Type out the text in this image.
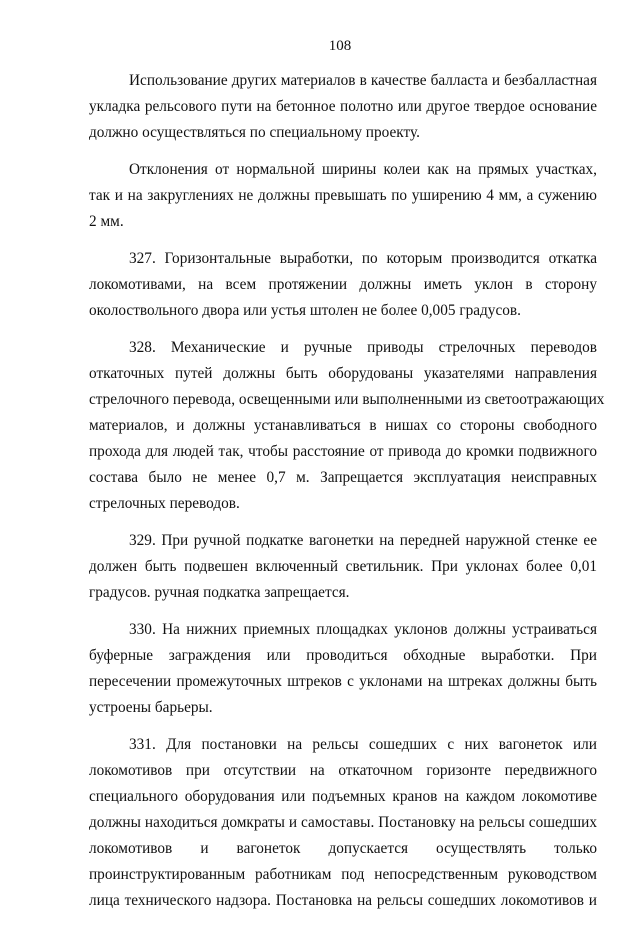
108
Использование других материалов в качестве балласта и безбалластная
укладка рельсового пути на бетонное полотно или другое твердое основание
должно осуществляться по специальному проекту.
Отклонения от нормальной ширины колеи как на прямых участках,
так и на закруглениях не должны превышать по уширению 4 мм, а сужению
2 мм.
327. Горизонтальные выработки, по которым производится откатка
локомотивами, на всем протяжении должны иметь уклон в сторону
околоствольного двора или устья штолен не более 0,005 градусов.
328. Механические и ручные приводы стрелочных переводов
откаточных путей должны быть оборудованы указателями направления
стрелочного перевода, освещенными или выполненными из светоотражающих
материалов, и должны устанавливаться в нишах со стороны свободного
прохода для людей так, чтобы расстояние от привода до кромки подвижного
состава было не менее 0,7 м. Запрещается эксплуатация неисправных
стрелочных переводов.
329. При ручной подкатке вагонетки на передней наружной стенке ее
должен быть подвешен включенный светильник. При уклонах более 0,01
градусов. ручная подкатка запрещается.
330. На нижних приемных площадках уклонов должны устраиваться
буферные заграждения или проводиться обходные выработки. При
пересечении промежуточных штреков с уклонами на штреках должны быть
устроены барьеры.
331. Для постановки на рельсы сошедших с них вагонеток или
локомотивов при отсутствии на откаточном горизонте передвижного
специального оборудования или подъемных кранов на каждом локомотиве
должны находиться домкраты и самоставы. Постановку на рельсы сошедших
локомотивов и вагонеток допускается осуществлять только
проинструктированным работникам под непосредственным руководством
лица технического надзора. Постановка на рельсы сошедших локомотивов и
